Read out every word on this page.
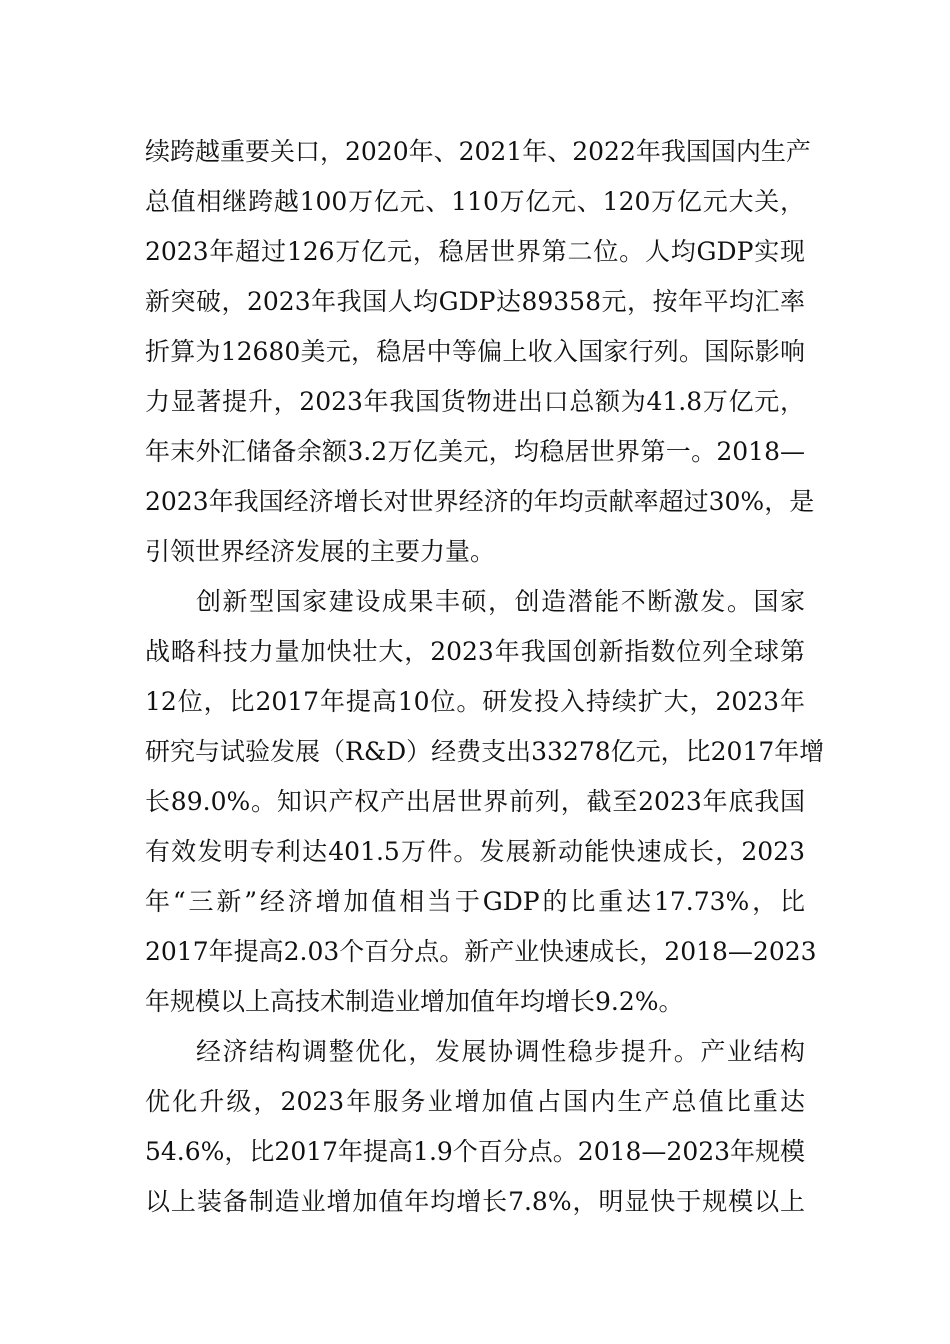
续跨越重要关口，2020年、2021年、2022年我国国内生产
总值相继跨越100万亿元、110万亿元、120万亿元大关，
2023年超过126万亿元，稳居世界第二位。人均GDP实现
新突破，2023年我国人均GDP达89358元，按年平均汇率
折算为12680美元，稳居中等偏上收入国家行列。国际影响
力显著提升，2023年我国货物进出口总额为41.8万亿元，
年末外汇储备余额3.2万亿美元，均稳居世界第一。2018—
2023年我国经济增长对世界经济的年均贡献率超过30%，是
引领世界经济发展的主要力量。
创新型国家建设成果丰硕，创造潜能不断激发。国家
战略科技力量加快壮大，2023年我国创新指数位列全球第
12位，比2017年提高10位。研发投入持续扩大，2023年
研究与试验发展（R&D）经费支出33278亿元，比2017年增
长89.0%。知识产权产出居世界前列，截至2023年底我国
有效发明专利达401.5万件。发展新动能快速成长，2023
年“三新”经济增加值相当于GDP的比重达17.73%，比
2017年提高2.03个百分点。新产业快速成长，2018—2023
年规模以上高技术制造业增加值年均增长9.2%。
经济结构调整优化，发展协调性稳步提升。产业结构
优化升级，2023年服务业增加值占国内生产总值比重达
54.6%，比2017年提高1.9个百分点。2018—2023年规模
以上装备制造业增加值年均增长7.8%，明显快于规模以上
